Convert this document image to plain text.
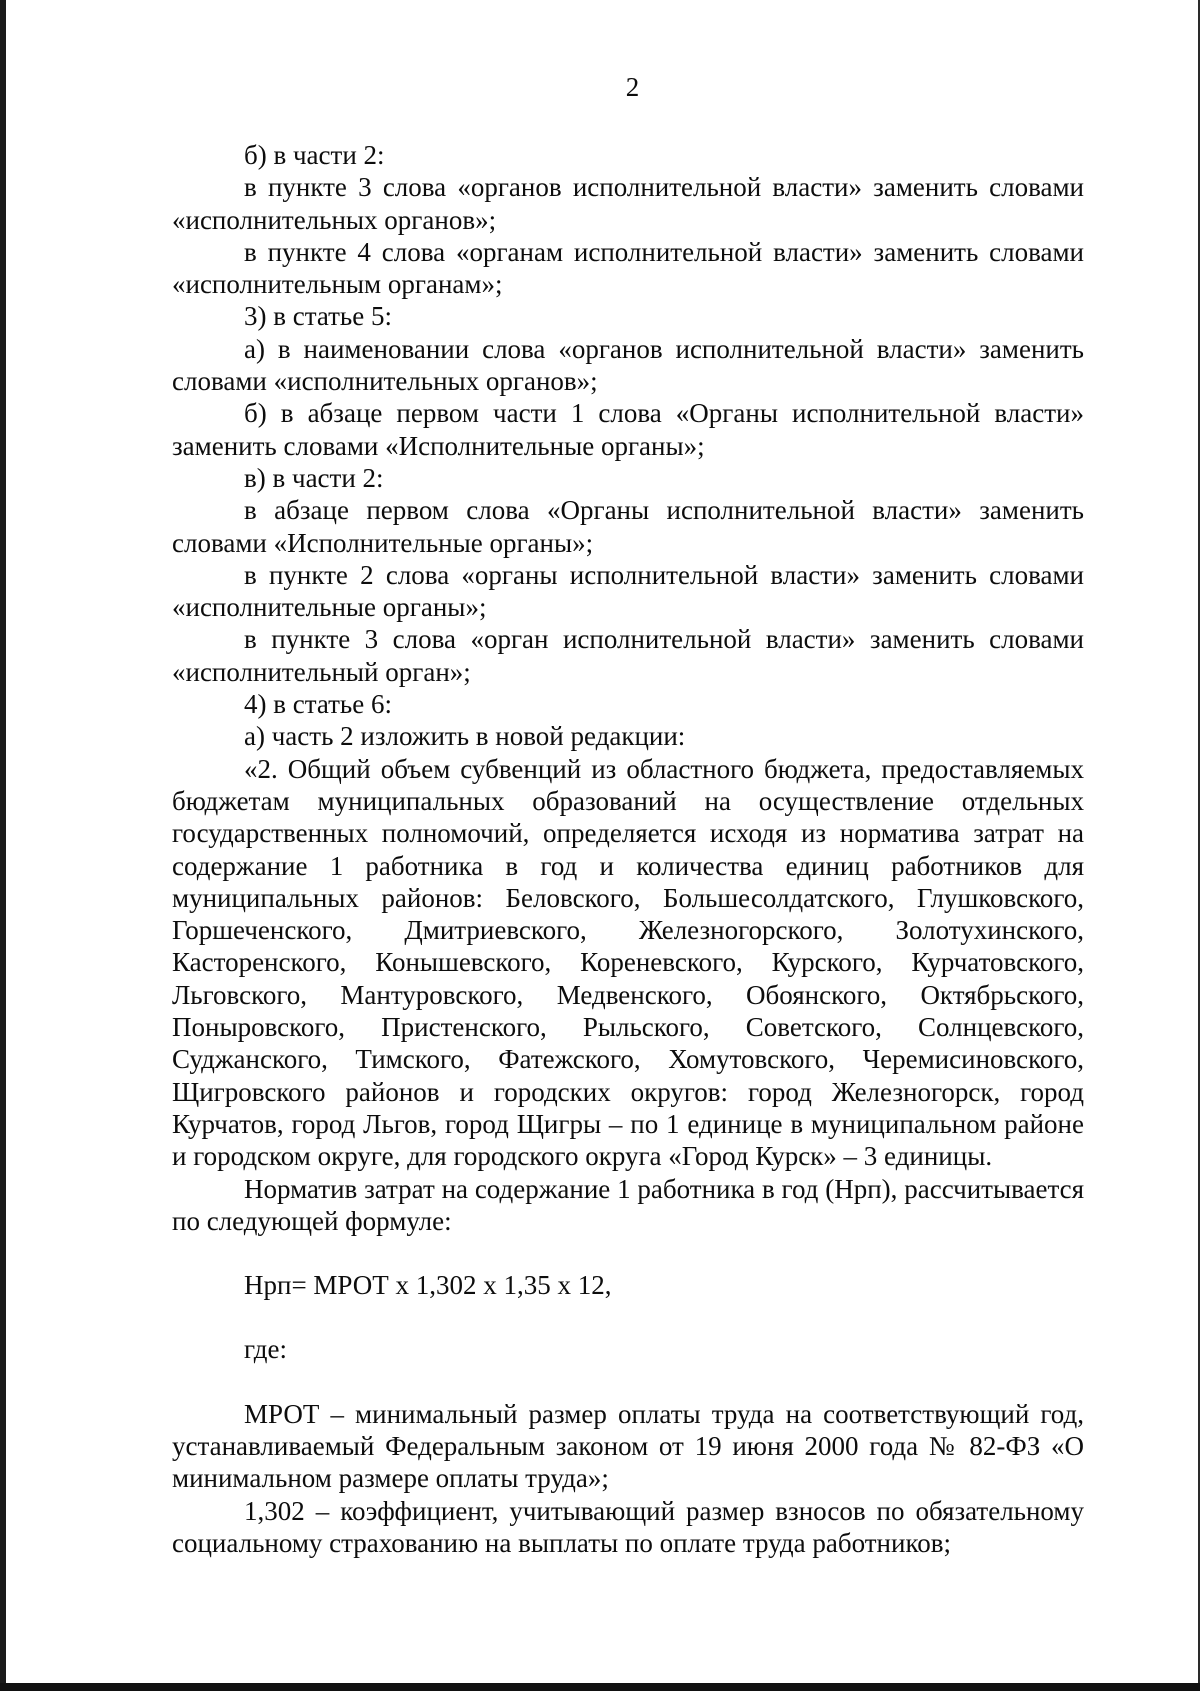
2

б) в части 2:

в пункте 3 слова «органов исполнительной власти» заменить словами «исполнительных органов»;

в пункте 4 слова «органам исполнительной власти» заменить словами «исполнительным органам»;

3) в статье 5:

а) в наименовании слова «органов исполнительной власти» заменить словами «исполнительных органов»;

б) в абзаце первом части 1 слова «Органы исполнительной власти» заменить словами «Исполнительные органы»;

в) в части 2:

в абзаце первом слова «Органы исполнительной власти» заменить словами «Исполнительные органы»;

в пункте 2 слова «органы исполнительной власти» заменить словами «исполнительные органы»;

в пункте 3 слова «орган исполнительной власти» заменить словами «исполнительный орган»;

4) в статье 6:

а) часть 2 изложить в новой редакции:

«2. Общий объем субвенций из областного бюджета, предоставляемых бюджетам муниципальных образований на осуществление отдельных государственных полномочий, определяется исходя из норматива затрат на содержание 1 работника в год и количества единиц работников для муниципальных районов: Беловского, Большесолдатского, Глушковского, Горшеченского, Дмитриевского, Железногорского, Золотухинского, Касторенского, Конышевского, Кореневского, Курского, Курчатовского, Льговского, Мантуровского, Медвенского, Обоянского, Октябрьского, Поныровского, Пристенского, Рыльского, Советского, Солнцевского, Суджанского, Тимского, Фатежского, Хомутовского, Черемисиновского, Щигровского районов и городских округов: город Железногорск, город Курчатов, город Льгов, город Щигры – по 1 единице в муниципальном районе и городском округе, для городского округа «Город Курск» – 3 единицы.

Норматив затрат на содержание 1 работника в год (Нрп), рассчитывается по следующей формуле:

Нрп= МРОТ х 1,302 х 1,35 х 12,

где:

МРОТ – минимальный размер оплаты труда на соответствующий год, устанавливаемый Федеральным законом от 19 июня 2000 года № 82-ФЗ «О минимальном размере оплаты труда»;

1,302 – коэффициент, учитывающий размер взносов по обязательному социальному страхованию на выплаты по оплате труда работников;
